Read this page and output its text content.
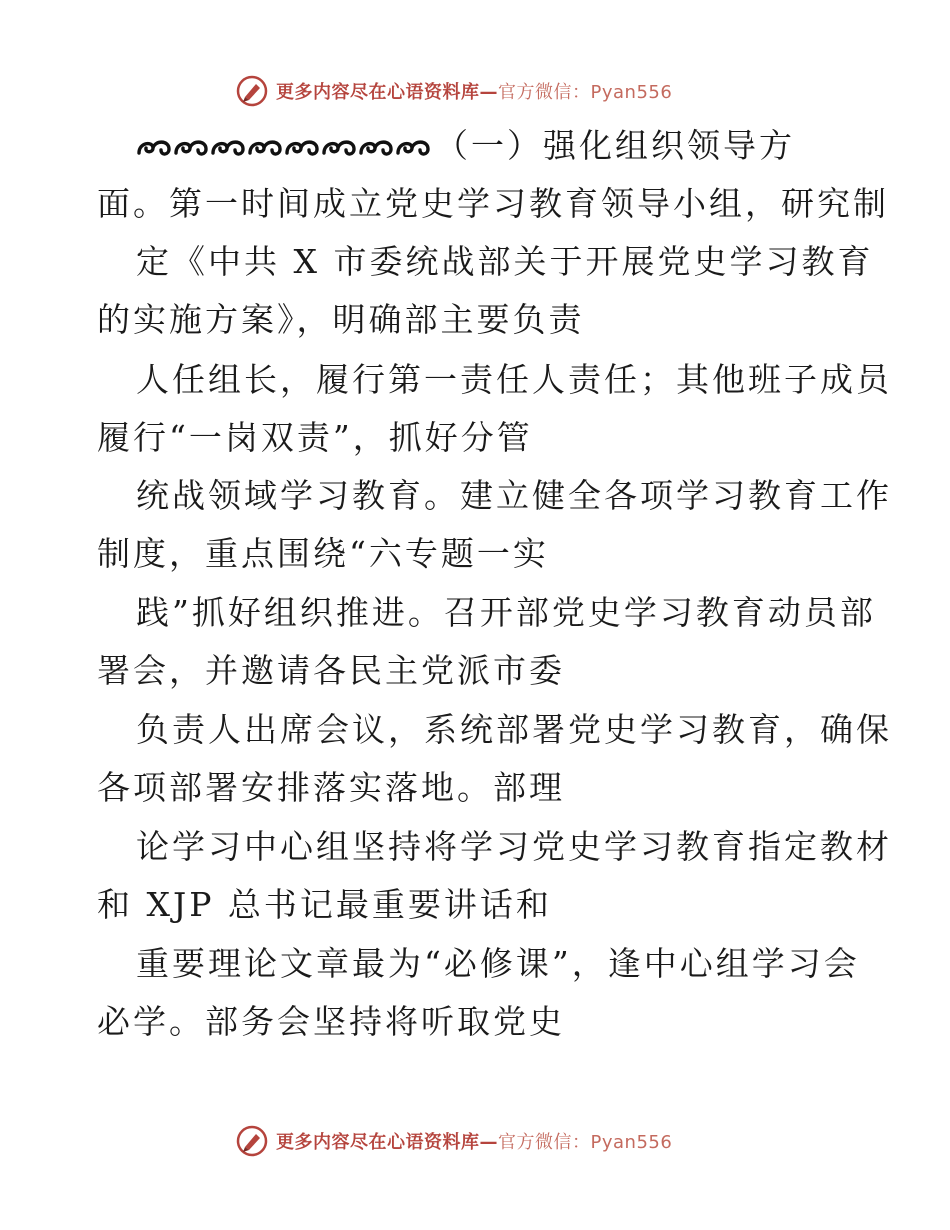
更多内容尽在心语资料库—官方微信：Pyan556
（一）强化组织领导方
面。第一时间成立党史学习教育领导小组，研究制
定《中共 X 市委统战部关于开展党史学习教育
的实施方案》，明确部主要负责
人任组长，履行第一责任人责任；其他班子成员
履行“一岗双责”，抓好分管
统战领域学习教育。建立健全各项学习教育工作
制度，重点围绕“六专题一实
践”抓好组织推进。召开部党史学习教育动员部
署会，并邀请各民主党派市委
负责人出席会议，系统部署党史学习教育，确保
各项部署安排落实落地。部理
论学习中心组坚持将学习党史学习教育指定教材
和 XJP 总书记最重要讲话和
重要理论文章最为“必修课”，逢中心组学习会
必学。部务会坚持将听取党史
更多内容尽在心语资料库—官方微信：Pyan556
